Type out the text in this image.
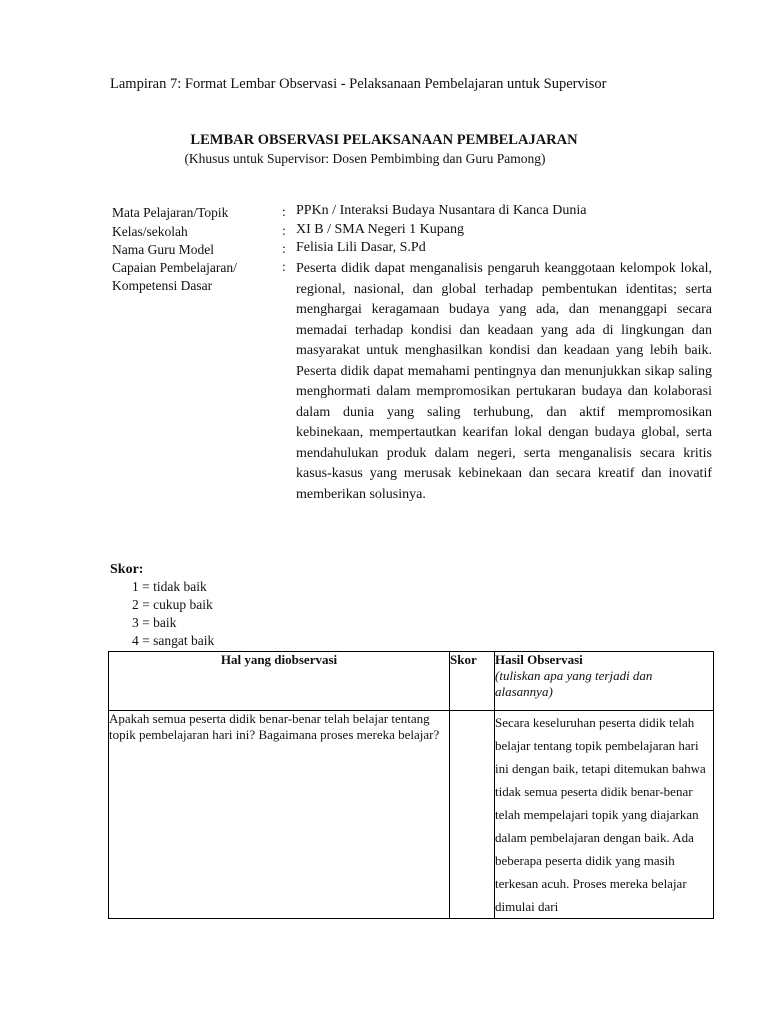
Lampiran 7: Format Lembar Observasi - Pelaksanaan Pembelajaran untuk Supervisor
LEMBAR OBSERVASI PELAKSANAAN PEMBELAJARAN
(Khusus untuk Supervisor: Dosen Pembimbing dan Guru Pamong)
Mata Pelajaran/Topik	: PPKn / Interaksi Budaya Nusantara di Kanca Dunia
Kelas/sekolah	: XI B / SMA Negeri 1 Kupang
Nama Guru Model	: Felisia Lili Dasar, S.Pd
Capaian Pembelajaran/ Kompetensi Dasar
: Peserta didik dapat menganalisis pengaruh keanggotaan kelompok lokal, regional, nasional, dan global terhadap pembentukan identitas; serta menghargai keragamaan budaya yang ada, dan menanggapi secara memadai terhadap kondisi dan keadaan yang ada di lingkungan dan masyarakat untuk menghasilkan kondisi dan keadaan yang lebih baik. Peserta didik dapat memahami pentingnya dan menunjukkan sikap saling menghormati dalam mempromosikan pertukaran budaya dan kolaborasi dalam dunia yang saling terhubung, dan aktif mempromosikan kebinekaan, mempertautkan kearifan lokal dengan budaya global, serta mendahulukan produk dalam negeri, serta menganalisis secara kritis kasus-kasus yang merusak kebinekaan dan secara kreatif dan inovatif memberikan solusinya.
Skor:
1 = tidak baik
2 = cukup baik
3 = baik
4 = sangat baik
Hal yang diobservasi	Skor	Hasil Observasi
(tuliskan apa yang terjadi dan alasannya)

Apakah semua peserta didik benar-benar telah belajar tentang topik pembelajaran hari ini? Bagaimana proses mereka belajar?		Secara keseluruhan peserta didik telah belajar tentang topik pembelajaran hari ini dengan baik, tetapi ditemukan bahwa tidak semua peserta didik benar-benar telah mempelajari topik yang diajarkan dalam pembelajaran dengan baik. Ada beberapa peserta didik yang masih terkesan acuh. Proses mereka belajar dimulai dari
